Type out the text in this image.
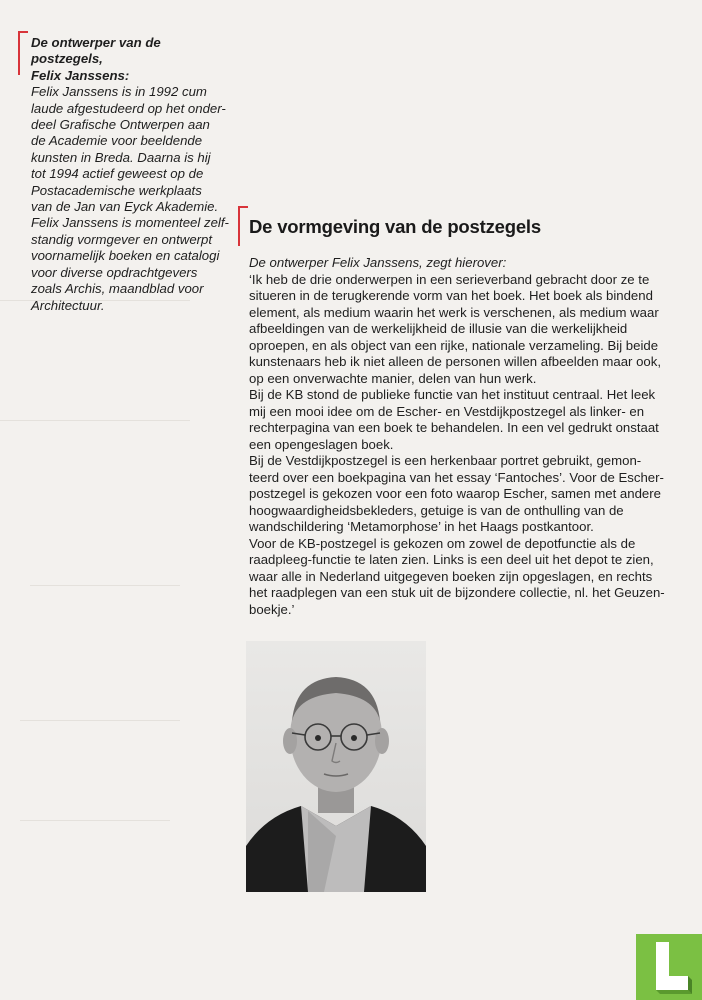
De ontwerper van de postzegels,

Felix Janssens:

Felix Janssens is in 1992 cum

laude afgestudeerd op het onder-

deel Grafische Ontwerpen aan

de Academie voor beeldende

kunsten in Breda. Daarna is hij

tot 1994 actief geweest op de

Postacademische werkplaats

van de Jan van Eyck Akademie.

Felix Janssens is momenteel zelf-

standig vormgever en ontwerpt

voornamelijk boeken en catalogi

voor diverse opdrachtgevers

zoals Archis, maandblad voor

Architectuur.

De vormgeving van de postzegels

De ontwerper Felix Janssens, zegt hierover:

‘Ik heb de drie onderwerpen in een serieverband gebracht door ze te

situeren in de terugkerende vorm van het boek. Het boek als bindend

element, als medium waarin het werk is verschenen, als medium waar

afbeeldingen van de werkelijkheid de illusie van die werkelijkheid

oproepen, en als object van een rijke, nationale verzameling. Bij beide

kunstenaars heb ik niet alleen de personen willen afbeelden maar ook,

op een onverwachte manier, delen van hun werk.

Bij de KB stond de publieke functie van het instituut centraal. Het leek

mij een mooi idee om de Escher- en Vestdijkpostzegel als linker- en

rechterpagina van een boek te behandelen. In een vel gedrukt onstaat

een opengeslagen boek.

Bij de Vestdijkpostzegel is een herkenbaar portret gebruikt, gemon-

teerd over een boekpagina van het essay ‘Fantoches’. Voor de Escher-

postzegel is gekozen voor een foto waarop Escher, samen met andere

hoogwaardigheidsbekleders, getuige is van de onthulling van de

wandschildering ‘Metamorphose’ in het Haags postkantoor.

Voor de KB-postzegel is gekozen om zowel de depotfunctie als de

raadpleeg-functie te laten zien. Links is een deel uit het depot te zien,

waar alle in Nederland uitgegeven boeken zijn opgeslagen, en rechts

het raadplegen van een stuk uit de bijzondere collectie, nl. het Geuzen-

boekje.’
